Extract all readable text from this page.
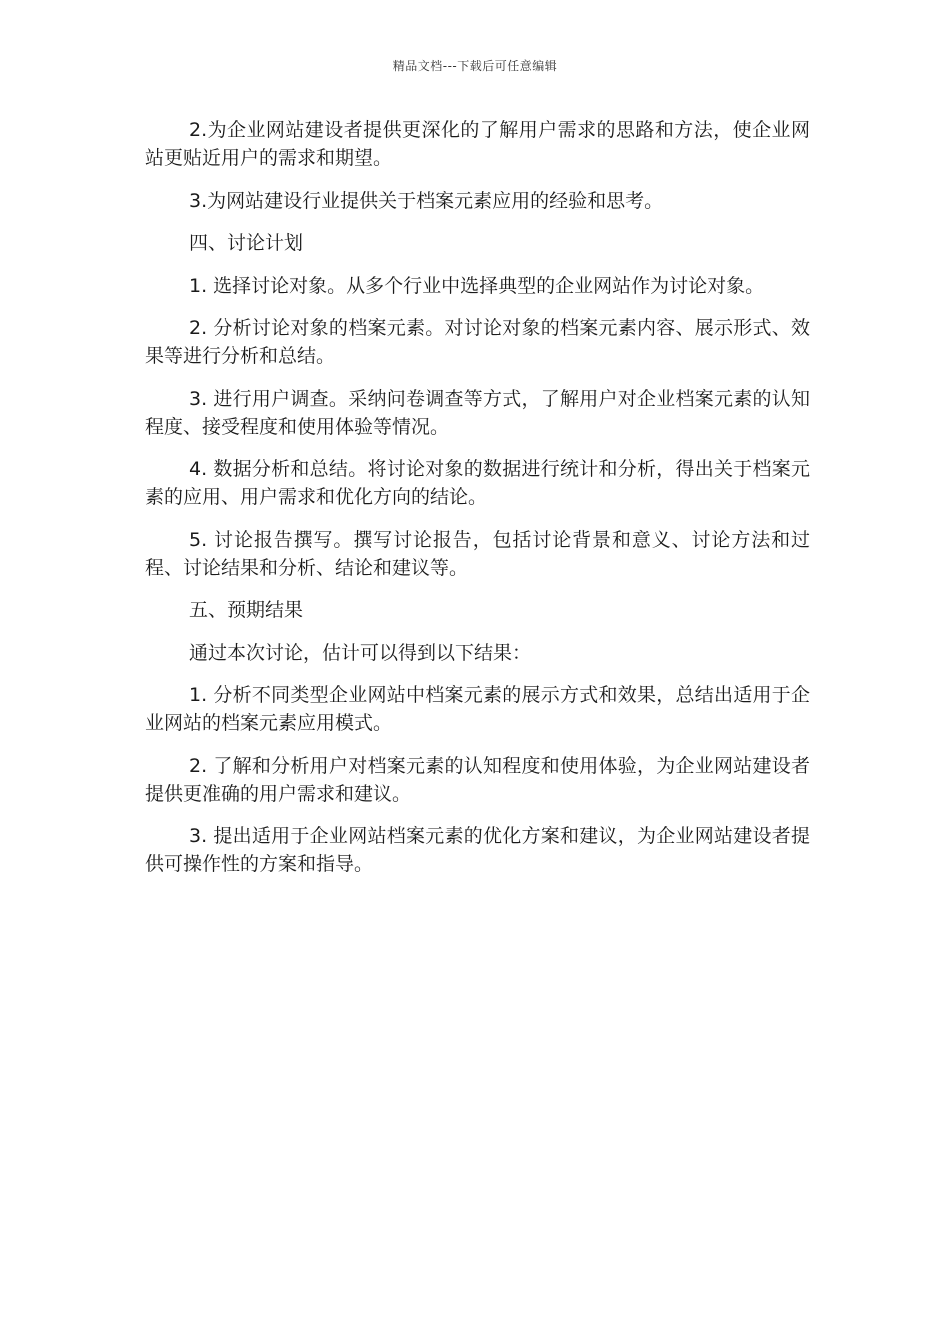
精品文档---下载后可任意编辑

2.为企业网站建设者提供更深化的了解用户需求的思路和方法，使企业网站更贴近用户的需求和期望。

3.为网站建设行业提供关于档案元素应用的经验和思考。

四、讨论计划

1. 选择讨论对象。从多个行业中选择典型的企业网站作为讨论对象。

2. 分析讨论对象的档案元素。对讨论对象的档案元素内容、展示形式、效果等进行分析和总结。

3. 进行用户调查。采纳问卷调查等方式，了解用户对企业档案元素的认知程度、接受程度和使用体验等情况。

4. 数据分析和总结。将讨论对象的数据进行统计和分析，得出关于档案元素的应用、用户需求和优化方向的结论。

5. 讨论报告撰写。撰写讨论报告，包括讨论背景和意义、讨论方法和过程、讨论结果和分析、结论和建议等。

五、预期结果

通过本次讨论，估计可以得到以下结果：

1. 分析不同类型企业网站中档案元素的展示方式和效果，总结出适用于企业网站的档案元素应用模式。

2. 了解和分析用户对档案元素的认知程度和使用体验，为企业网站建设者提供更准确的用户需求和建议。

3. 提出适用于企业网站档案元素的优化方案和建议，为企业网站建设者提供可操作性的方案和指导。
